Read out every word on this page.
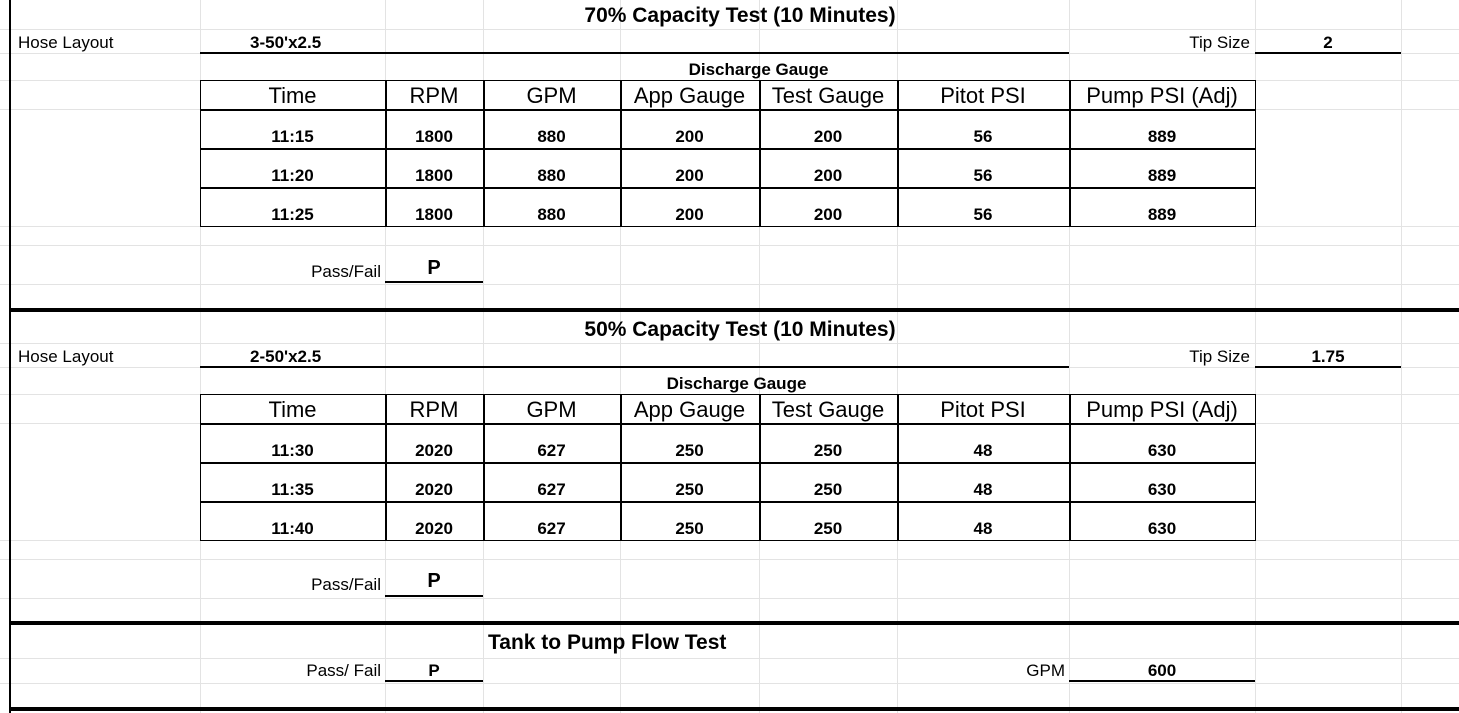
70% Capacity Test (10 Minutes)
Hose Layout	3-50'x2.5	Tip Size	2
Discharge Gauge
Time	RPM	GPM	App Gauge	Test Gauge	Pitot PSI	Pump PSI (Adj)
11:15	1800	880	200	200	56	889
11:20	1800	880	200	200	56	889
11:25	1800	880	200	200	56	889
Pass/Fail	P
50% Capacity Test (10 Minutes)
Hose Layout	2-50'x2.5	Tip Size	1.75
Discharge Gauge
Time	RPM	GPM	App Gauge	Test Gauge	Pitot PSI	Pump PSI (Adj)
11:30	2020	627	250	250	48	630
11:35	2020	627	250	250	48	630
11:40	2020	627	250	250	48	630
Pass/Fail	P
Tank to Pump Flow Test
Pass/ Fail	P	GPM	600
